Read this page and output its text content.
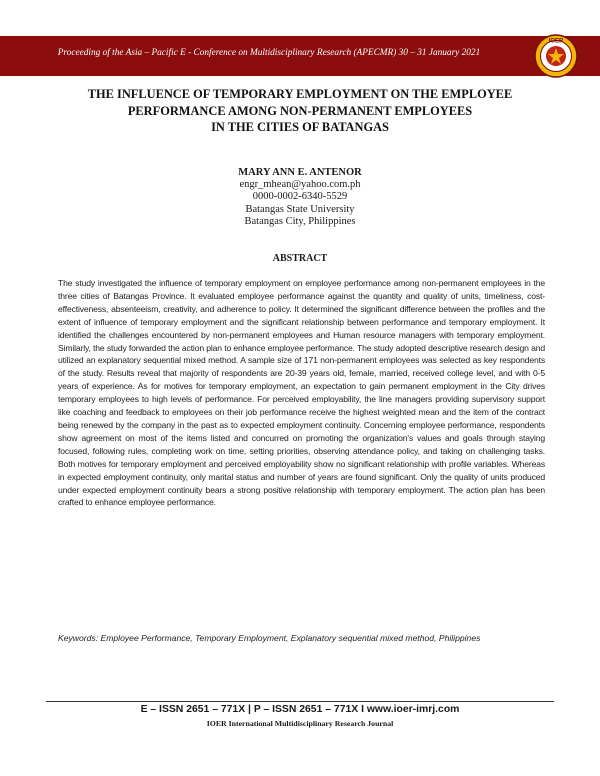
Proceeding of the Asia – Pacific E - Conference on Multidisciplinary Research (APECMR) 30 – 31 January 2021
IOER
THE INFLUENCE OF TEMPORARY EMPLOYMENT ON THE EMPLOYEE
PERFORMANCE AMONG NON-PERMANENT EMPLOYEES
IN THE CITIES OF BATANGAS
MARY ANN E. ANTENOR
engr_mhean@yahoo.com.ph
0000-0002-6340-5529
Batangas State University
Batangas City, Philippines
ABSTRACT

The study investigated the influence of temporary employment on employee performance among non-permanent employees in the three cities of Batangas Province. It evaluated employee performance against the quantity and quality of units, timeliness, cost-effectiveness, absenteeism, creativity, and adherence to policy. It determined the significant difference between the profiles and the extent of influence of temporary employment and the significant relationship between performance and temporary employment. It identified the challenges encountered by non-permanent employees and Human resource managers with temporary employment. Similarly, the study forwarded the action plan to enhance employee performance. The study adopted descriptive research design and utilized an explanatory sequential mixed method. A sample size of 171 non-permanent employees was selected as key respondents of the study. Results reveal that majority of respondents are 20-39 years old, female, married, received college level, and with 0-5 years of experience. As for motives for temporary employment, an expectation to gain permanent employment in the City drives temporary employees to high levels of performance. For perceived employability, the line managers providing supervisory support like coaching and feedback to employees on their job performance receive the highest weighted mean and the item of the contract being renewed by the company in the past as to expected employment continuity. Concerning employee performance, respondents show agreement on most of the items listed and concurred on promoting the organization's values and goals through staying focused, following rules, completing work on time, setting priorities, observing attendance policy, and taking on challenging tasks. Both motives for temporary employment and perceived employability show no significant relationship with profile variables. Whereas in expected employment continuity, only marital status and number of years are found significant. Only the quality of units produced under expected employment continuity bears a strong positive relationship with temporary employment. The action plan has been crafted to enhance employee performance.

Keywords: Employee Performance, Temporary Employment, Explanatory sequential mixed method, Philippines

E – ISSN 2651 – 771X | P – ISSN 2651 – 771X I www.ioer-imrj.com
IOER International Multidisciplinary Research Journal
